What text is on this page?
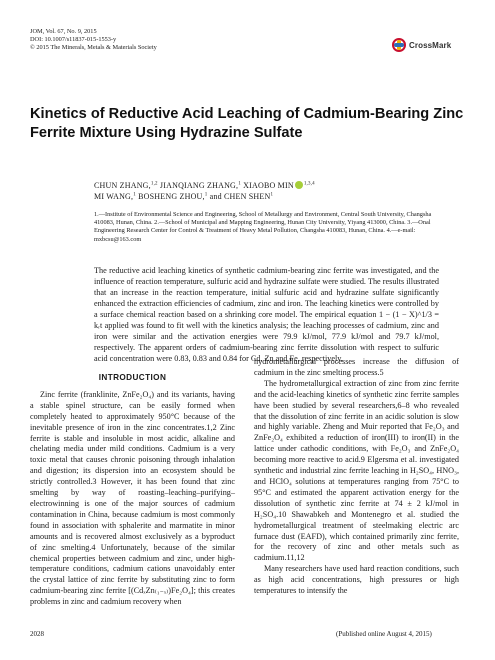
JOM, Vol. 67, No. 9, 2015
DOI: 10.1007/s11837-015-1553-y
© 2015 The Minerals, Metals & Materials Society	CrossMark
Kinetics of Reductive Acid Leaching of Cadmium-Bearing Zinc Ferrite Mixture Using Hydrazine Sulfate
CHUN ZHANG,$^{1,2}$ JIANQIANG ZHANG,$^1$ XIAOBO MIN $^{1,3,4}$
MI WANG,$^1$ BOSHENG ZHOU,$^1$ and CHEN SHEN$^1$
1.—Institute of Environmental Science and Engineering, School of Metallurgy and Environment, Central South University, Changsha 410083, Hunan, China. 2.—School of Municipal and Mapping Engineering, Hunan City University, Yiyang 413000, China. 3.—Onal Engineering Research Center for Control & Treatment of Heavy Metal Pollution, Changsha 410083, Hunan, China. 4.—e-mail: mxbcsu@163.com
The reductive acid leaching kinetics of synthetic cadmium-bearing zinc ferrite was investigated, and the influence of reaction temperature, sulfuric acid and hydrazine sulfate were studied. The results illustrated that an increase in the reaction temperature, initial sulfuric acid and hydrazine sulfate significantly enhanced the extraction efficiencies of cadmium, zinc and iron. The leaching kinetics were controlled by a surface chemical reaction based on a shrinking core model. The empirical equation 1 − (1 − X)^1/3 = kᵣt applied was found to fit well with the kinetics analysis; the leaching processes of cadmium, zinc and iron were similar and the activation energies were 79.9 kJ/mol, 77.9 kJ/mol and 79.7 kJ/mol, respectively. The apparent orders of cadmium-bearing zinc ferrite dissolution with respect to sulfuric acid concentration were 0.83, 0.83 and 0.84 for Cd, Zn and Fe, respectively.
INTRODUCTION

Zinc ferrite (franklinite, ZnFe₂O₄) and its variants, having a stable spinel structure, can be easily formed when completely heated to approximately 950°C because of the inevitable presence of iron in the zinc concentrates.1,2 Zinc ferrite is stable and insoluble in most acidic, alkaline and chelating media under mild conditions. Cadmium is a very toxic metal that causes chronic poisoning through inhalation and digestion; its dispersion into an ecosystem should be strictly controlled.3 However, it has been found that zinc smelting by way of roasting–leaching–purifying–electrowinning is one of the major sources of cadmium contamination in China, because cadmium is most commonly found in association with sphalerite and marmatite in minor amounts and is recovered almost exclusively as a byproduct of zinc smelting.4 Unfortunately, because of the similar chemical properties between cadmium and zinc, under high-temperature conditions, cadmium cations unavoidably enter the crystal lattice of zinc ferrite by substituting zinc to form cadmium-bearing zinc ferrite [(CdₓZn₍₁₋ₓ₎)Fe₂O₄]; this creates problems in zinc and cadmium recovery when

hydrometallurgical processes increase the diffusion of cadmium in the zinc smelting process.5

The hydrometallurgical extraction of zinc from zinc ferrite and the acid-leaching kinetics of synthetic zinc ferrite samples have been studied by several researchers,6–8 who revealed that the dissolution of zinc ferrite in an acidic solution is slow and highly variable. Zheng and Muir reported that Fe₂O₃ and ZnFe₂O₄ exhibited a reduction of iron(III) to iron(II) in the lattice under cathodic conditions, with Fe₂O₃ and ZnFe₂O₄ becoming more reactive to acid.9 Elgersma et al. investigated synthetic and industrial zinc ferrite leaching in H₂SO₄, HNO₃, and HClO₄ solutions at temperatures ranging from 75°C to 95°C and estimated the apparent activation energy for the dissolution of synthetic zinc ferrite at 74 ± 2 kJ/mol in H₂SO₄.10 Shawabkeh and Montenegro et al. studied the hydrometallurgical treatment of steelmaking electric arc furnace dust (EAFD), which contained primarily zinc ferrite, for the recovery of zinc and other metals such as cadmium.11,12

Many researchers have used hard reaction conditions, such as high acid concentrations, high pressures or high temperatures to intensify the

2028	(Published online August 4, 2015)
